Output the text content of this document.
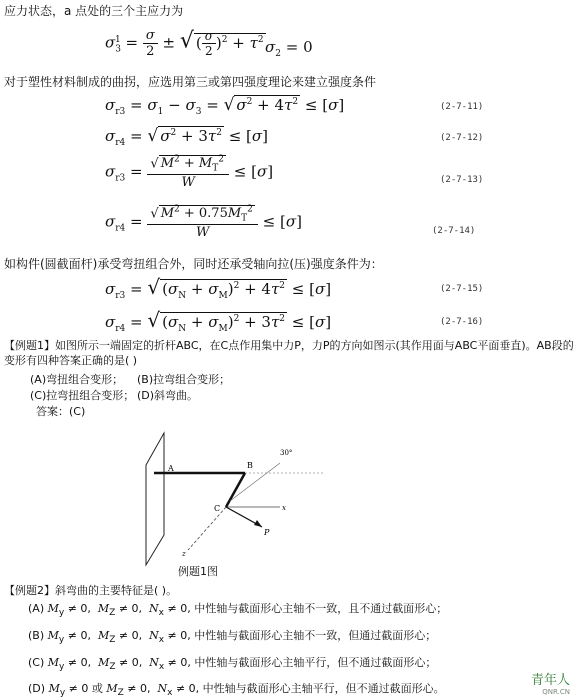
应力状态，a 点处的三个主应力为
$\sigma_3^1 = \frac{\sigma}{2}$ ± √ ( $\frac{\sigma}{2} )^2 + \tau^2$ $\sigma_2 = 0$
对于塑性材料制成的曲拐，应选用第三或第四强度理论来建立强度条件
$\sigma_{r3} = \sigma_1 - \sigma_3$ = √ $\sigma^2 + 4\tau^2 \le [\sigma]$	(2-7-11)
$\sigma_{r4}$ = √ $\sigma^2 + 3\tau^2 \le [\sigma]$	(2-7-12)
$\sigma_{r3} = \frac{√ M^2 + M_T^2}{W} \le [\sigma]$	(2-7-13)
$\sigma_{r4} = \frac{√ M^2 + 0.75M_T^2}{W} \le [\sigma]$
(2-7-14)
如构件(圆截面杆)承受弯扭组合外，同时还承受轴向拉(压)强度条件为：
$\sigma_{r3}$ = √ $(\sigma_N + \sigma_M)^2 + 4\tau^2 \le [\sigma]$	(2-7-15)
$\sigma_{r4}$ = √ $(\sigma_N + \sigma_M)^2 + 3\tau^2 \le [\sigma]$	(2-7-16)
【例题1】如图所示一端固定的折杆ABC，在C点作用集中力P，力P的方向如图示(其作用面与ABC平面垂直)。AB段的变形有四种答案正确的是( )
(A)弯扭组合变形； (B)拉弯组合变形；
(C)拉弯扭组合变形； (D)斜弯曲。
答案：(C)
A	B
C
P
x
z
30°
例题1图
【例题2】斜弯曲的主要特征是( )。
(A) $M_y \ne 0$,  $M_Z \ne 0$,  $N_x \ne 0$, 中性轴与截面形心主轴不一致，且不通过截面形心；
(B) $M_y \ne 0$,  $M_Z \ne 0$,  $N_x \ne 0$, 中性轴与截面形心主轴不一致，但通过截面形心；
(C) $M_y \ne 0$,  $M_Z \ne 0$,  $N_x \ne 0$, 中性轴与截面形心主轴平行，但不通过截面形心；
(D) $M_y \ne 0$ 或 $M_Z \ne 0$,  $N_x \ne 0$, 中性轴与截面形心主轴平行，但不通过截面形心。
青年人
QNR.CN
